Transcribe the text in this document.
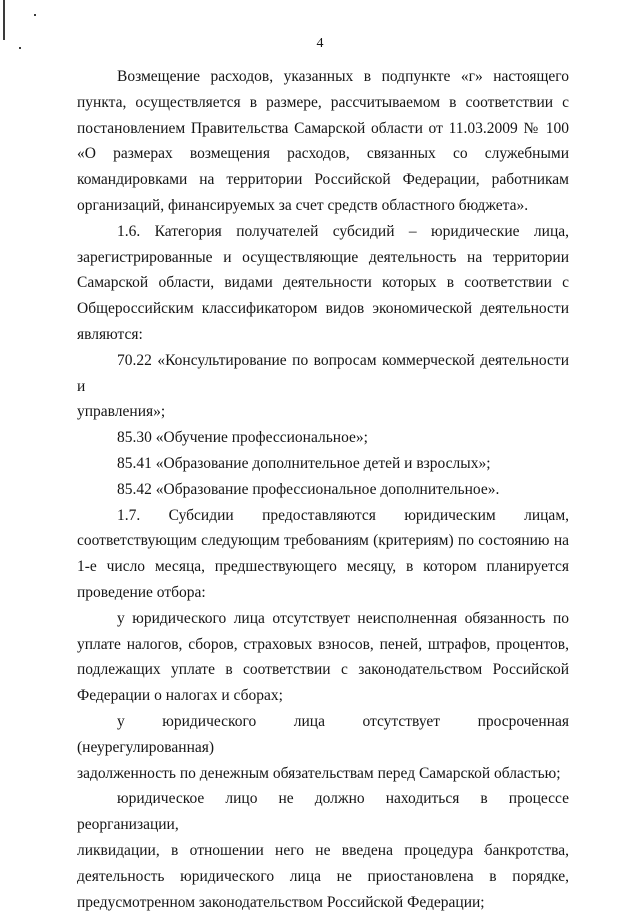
4

Возмещение расходов, указанных в подпункте «г» настоящего

пункта, осуществляется в размере, рассчитываемом в соответствии с

постановлением Правительства Самарской области от 11.03.2009 № 100

«О размерах возмещения расходов, связанных со служебными

командировками на территории Российской Федерации, работникам

организаций, финансируемых за счет средств областного бюджета».

1.6. Категория получателей субсидий – юридические лица,

зарегистрированные и осуществляющие деятельность на территории

Самарской области, видами деятельности которых в соответствии с

Общероссийским классификатором видов экономической деятельности

являются:

70.22 «Консультирование по вопросам коммерческой деятельности и

управления»;

85.30 «Обучение профессиональное»;

85.41 «Образование дополнительное детей и взрослых»;

85.42 «Образование профессиональное дополнительное».

1.7. Субсидии предоставляются юридическим лицам,

соответствующим следующим требованиям (критериям) по состоянию на

1-е число месяца, предшествующего месяцу, в котором планируется

проведение отбора:

у юридического лица отсутствует неисполненная обязанность по

уплате налогов, сборов, страховых взносов, пеней, штрафов, процентов,

подлежащих уплате в соответствии с законодательством Российской

Федерации о налогах и сборах;

у юридического лица отсутствует просроченная (неурегулированная)

задолженность по денежным обязательствам перед Самарской областью;

юридическое лицо не должно находиться в процессе реорганизации,

ликвидации, в отношении него не введена процедура банкротства,

деятельность юридического лица не приостановлена в порядке,

предусмотренном законодательством Российской Федерации;
